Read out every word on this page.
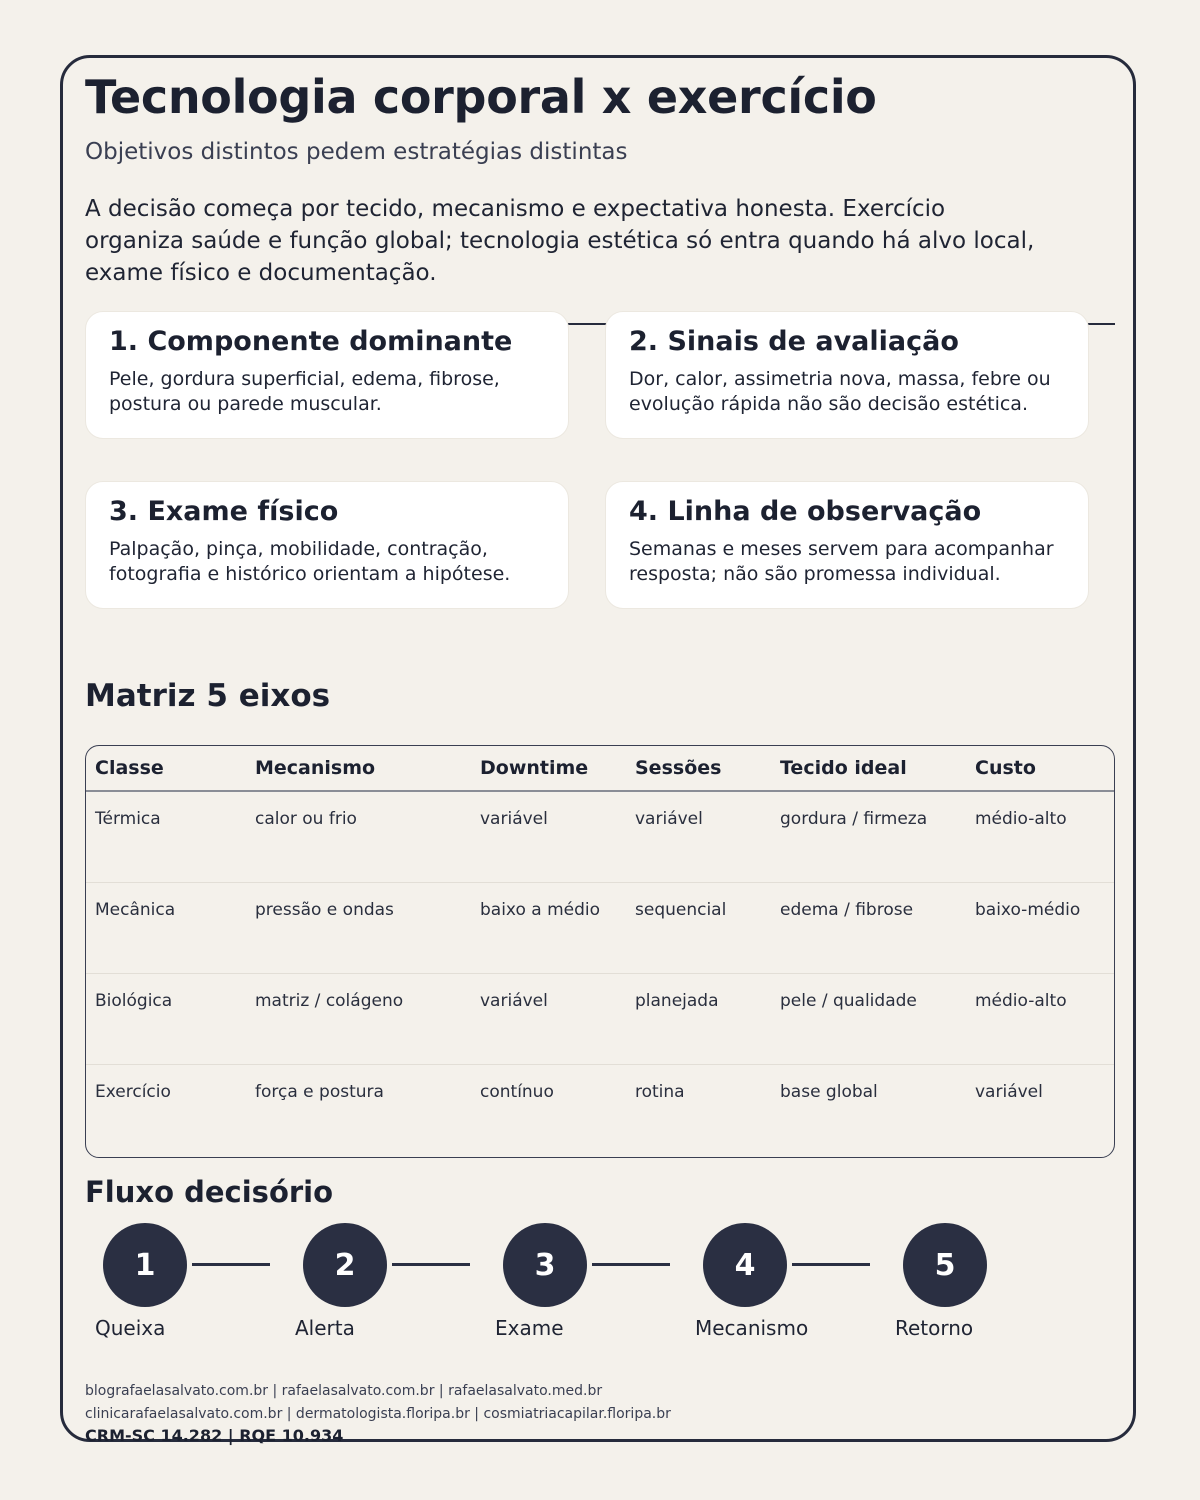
Tecnologia corporal x exercício

Objetivos distintos pedem estratégias distintas

A decisão começa por tecido, mecanismo e expectativa honesta. Exercício organiza saúde e função global; tecnologia estética só entra quando há alvo local, exame físico e documentação.

1. Componente dominante

Pele, gordura superficial, edema, fibrose, postura ou parede muscular.

2. Sinais de avaliação

Dor, calor, assimetria nova, massa, febre ou evolução rápida não são decisão estética.

3. Exame físico

Palpação, pinça, mobilidade, contração, fotografia e histórico orientam a hipótese.

4. Linha de observação

Semanas e meses servem para acompanhar resposta; não são promessa individual.

Matriz 5 eixos
Classe	Mecanismo	Downtime	Sessões	Tecido ideal	Custo
Térmica	calor ou frio	variável	variável	gordura / firmeza	médio-alto
Mecânica	pressão e ondas	baixo a médio	sequencial	edema / fibrose	baixo-médio
Biológica	matriz / colágeno	variável	planejada	pele / qualidade	médio-alto
Exercício	força e postura	contínuo	rotina	base global	variável
Fluxo decisório
1	2	3	4	5
Queixa	Alerta	Exame	Mecanismo	Retorno
blografaelasalvato.com.br | rafaelasalvato.com.br | rafaelasalvato.med.br
clinicarafaelasalvato.com.br | dermatologista.floripa.br | cosmiatriacapilar.floripa.br
CRM-SC 14.282 | RQE 10.934
